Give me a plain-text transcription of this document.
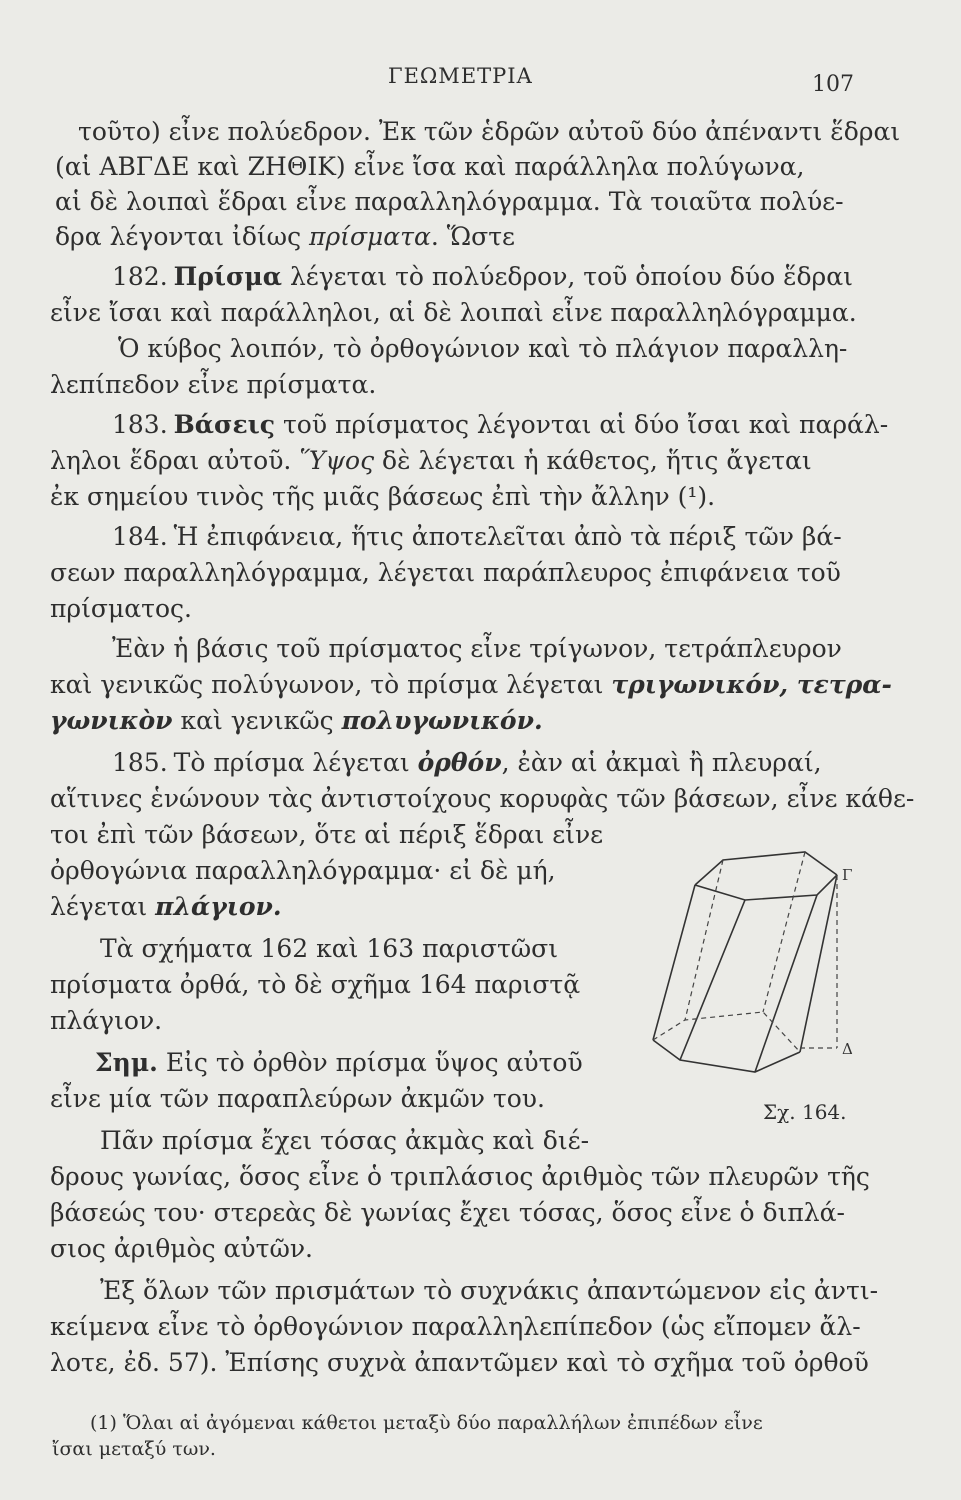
ΓΕΩΜΕΤΡΙΑ	107
τοῦτο) εἶνε πολύεδρον. Ἐκ τῶν ἑδρῶν αὐτοῦ δύο ἀπέναντι ἕδραι
(αἱ ΑΒΓΔΕ καὶ ΖΗΘΙΚ) εἶνε ἴσα καὶ παράλληλα πολύγωνα,
αἱ δὲ λοιπαὶ ἕδραι εἶνε παραλληλόγραμμα. Τὰ τοιαῦτα πολύε-
δρα λέγονται ἰδίως πρίσματα. Ὥστε
182. Πρίσμα λέγεται τὸ πολύεδρον, τοῦ ὁποίου δύο ἕδραι
εἶνε ἴσαι καὶ παράλληλοι, αἱ δὲ λοιπαὶ εἶνε παραλληλόγραμμα.
Ὁ κύβος λοιπόν, τὸ ὀρθογώνιον καὶ τὸ πλάγιον παραλλη-
λεπίπεδον εἶνε πρίσματα.
183. Βάσεις τοῦ πρίσματος λέγονται αἱ δύο ἴσαι καὶ παράλ-
ληλοι ἕδραι αὐτοῦ. Ὕψος δὲ λέγεται ἡ κάθετος, ἥτις ἄγεται
ἐκ σημείου τινὸς τῆς μιᾶς βάσεως ἐπὶ τὴν ἄλλην (¹).
184. Ἡ ἐπιφάνεια, ἥτις ἀποτελεῖται ἀπὸ τὰ πέριξ τῶν βά-
σεων παραλληλόγραμμα, λέγεται παράπλευρος ἐπιφάνεια τοῦ
πρίσματος.
Ἐὰν ἡ βάσις τοῦ πρίσματος εἶνε τρίγωνον, τετράπλευρον
καὶ γενικῶς πολύγωνον, τὸ πρίσμα λέγεται τριγωνικόν, τετρα-
γωνικὸν καὶ γενικῶς πολυγωνικόν.
185. Τὸ πρίσμα λέγεται ὀρθόν, ἐὰν αἱ ἀκμαὶ ἢ πλευραί,
αἵτινες ἑνώνουν τὰς ἀντιστοίχους κορυφὰς τῶν βάσεων, εἶνε κάθε-
τοι ἐπὶ τῶν βάσεων, ὅτε αἱ πέριξ ἕδραι εἶνε
ὀρθογώνια παραλληλόγραμμα· εἰ δὲ μή,
λέγεται πλάγιον.
Τὰ σχήματα 162 καὶ 163 παριστῶσι
πρίσματα ὀρθά, τὸ δὲ σχῆμα 164 παριστᾷ
πλάγιον.
Σημ. Εἰς τὸ ὀρθὸν πρίσμα ὕψος αὐτοῦ
εἶνε μία τῶν παραπλεύρων ἀκμῶν του.
Πᾶν πρίσμα ἔχει τόσας ἀκμὰς καὶ διέ-
δρους γωνίας, ὅσος εἶνε ὁ τριπλάσιος ἀριθμὸς τῶν πλευρῶν τῆς
βάσεώς του· στερεὰς δὲ γωνίας ἔχει τόσας, ὅσος εἶνε ὁ διπλά-
σιος ἀριθμὸς αὐτῶν.
Ἐξ ὅλων τῶν πρισμάτων τὸ συχνάκις ἀπαντώμενον εἰς ἀντι-
κείμενα εἶνε τὸ ὀρθογώνιον παραλληλεπίπεδον (ὡς εἴπομεν ἄλ-
λοτε, ἐδ. 57). Ἐπίσης συχνὰ ἀπαντῶμεν καὶ τὸ σχῆμα τοῦ ὀρθοῦ
(1) Ὅλαι αἱ ἀγόμεναι κάθετοι μεταξὺ δύο παραλλήλων ἐπιπέδων εἶνε
ἴσαι μεταξύ των.
Γ
Δ
Σχ. 164.
